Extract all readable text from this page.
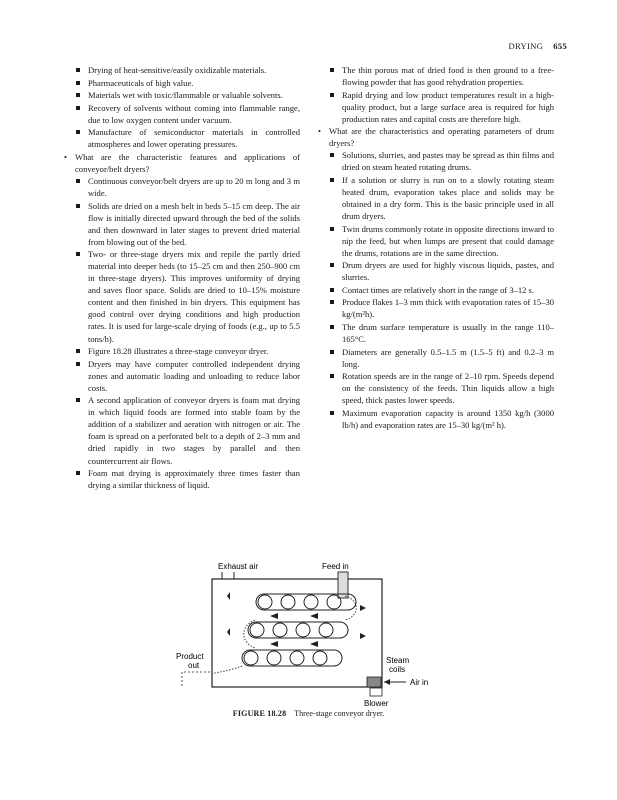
DRYING 655
Drying of heat-sensitive/easily oxidizable materials.
Pharmaceuticals of high value.
Materials wet with toxic/flammable or valuable solvents.
Recovery of solvents without coming into flammable range, due to low oxygen content under vacuum.
Manufacture of semiconductor materials in controlled atmospheres and lower operating pressures.
• What are the characteristic features and applications of conveyor/belt dryers?
Continuous conveyor/belt dryers are up to 20 m long and 3 m wide.
Solids are dried on a mesh belt in beds 5–15 cm deep. The air flow is initially directed upward through the bed of the solids and then downward in later stages to prevent dried material from blowing out of the bed.
Two- or three-stage dryers mix and repile the partly dried material into deeper beds (to 15–25 cm and then 250–900 cm in three-stage dryers). This improves uniformity of drying and saves floor space. Solids are dried to 10–15% moisture content and then finished in bin dryers. This equipment has good control over drying conditions and high production rates. It is used for large-scale drying of foods (e.g., up to 5.5 tons/h).
Figure 18.28 illustrates a three-stage conveyor dryer.
Dryers may have computer controlled independent drying zones and automatic loading and unloading to reduce labor costs.
A second application of conveyor dryers is foam mat drying in which liquid foods are formed into stable foam by the addition of a stabilizer and aeration with nitrogen or air. The foam is spread on a perforated belt to a depth of 2–3 mm and dried rapidly in two stages by parallel and then countercurrent air flows.
Foam mat drying is approximately three times faster than drying a similar thickness of liquid.
The thin porous mat of dried food is then ground to a free-flowing powder that has good rehydration properties.
Rapid drying and low product temperatures result in a high-quality product, but a large surface area is required for high production rates and capital costs are therefore high.
• What are the characteristics and operating parameters of drum dryers?
Solutions, slurries, and pastes may be spread as thin films and dried on steam heated rotating drums.
If a solution or slurry is run on to a slowly rotating steam heated drum, evaporation takes place and solids may be obtained in a dry form. This is the basic principle used in all drum dryers.
Twin drums commonly rotate in opposite directions inward to nip the feed, but when lumps are present that could damage the drums, rotations are in the same direction.
Drum dryers are used for highly viscous liquids, pastes, and slurries.
Contact times are relatively short in the range of 3–12 s.
Produce flakes 1–3 mm thick with evaporation rates of 15–30 kg/(m²h).
The drum surface temperature is usually in the range 110–165°C.
Diameters are generally 0.5–1.5 m (1.5–5 ft) and 0.2–3 m long.
Rotation speeds are in the range of 2–10 rpm. Speeds depend on the consistency of the feeds. Thin liquids allow a high speed, thick pastes lower speeds.
Maximum evaporation capacity is around 1350 kg/h (3000 lb/h) and evaporation rates are 15–30 kg/(m² h).
Exhaust air	Feed in
Product
out
Steam
coils
Air in
Blower
FIGURE 18.28 Three-stage conveyor dryer.
